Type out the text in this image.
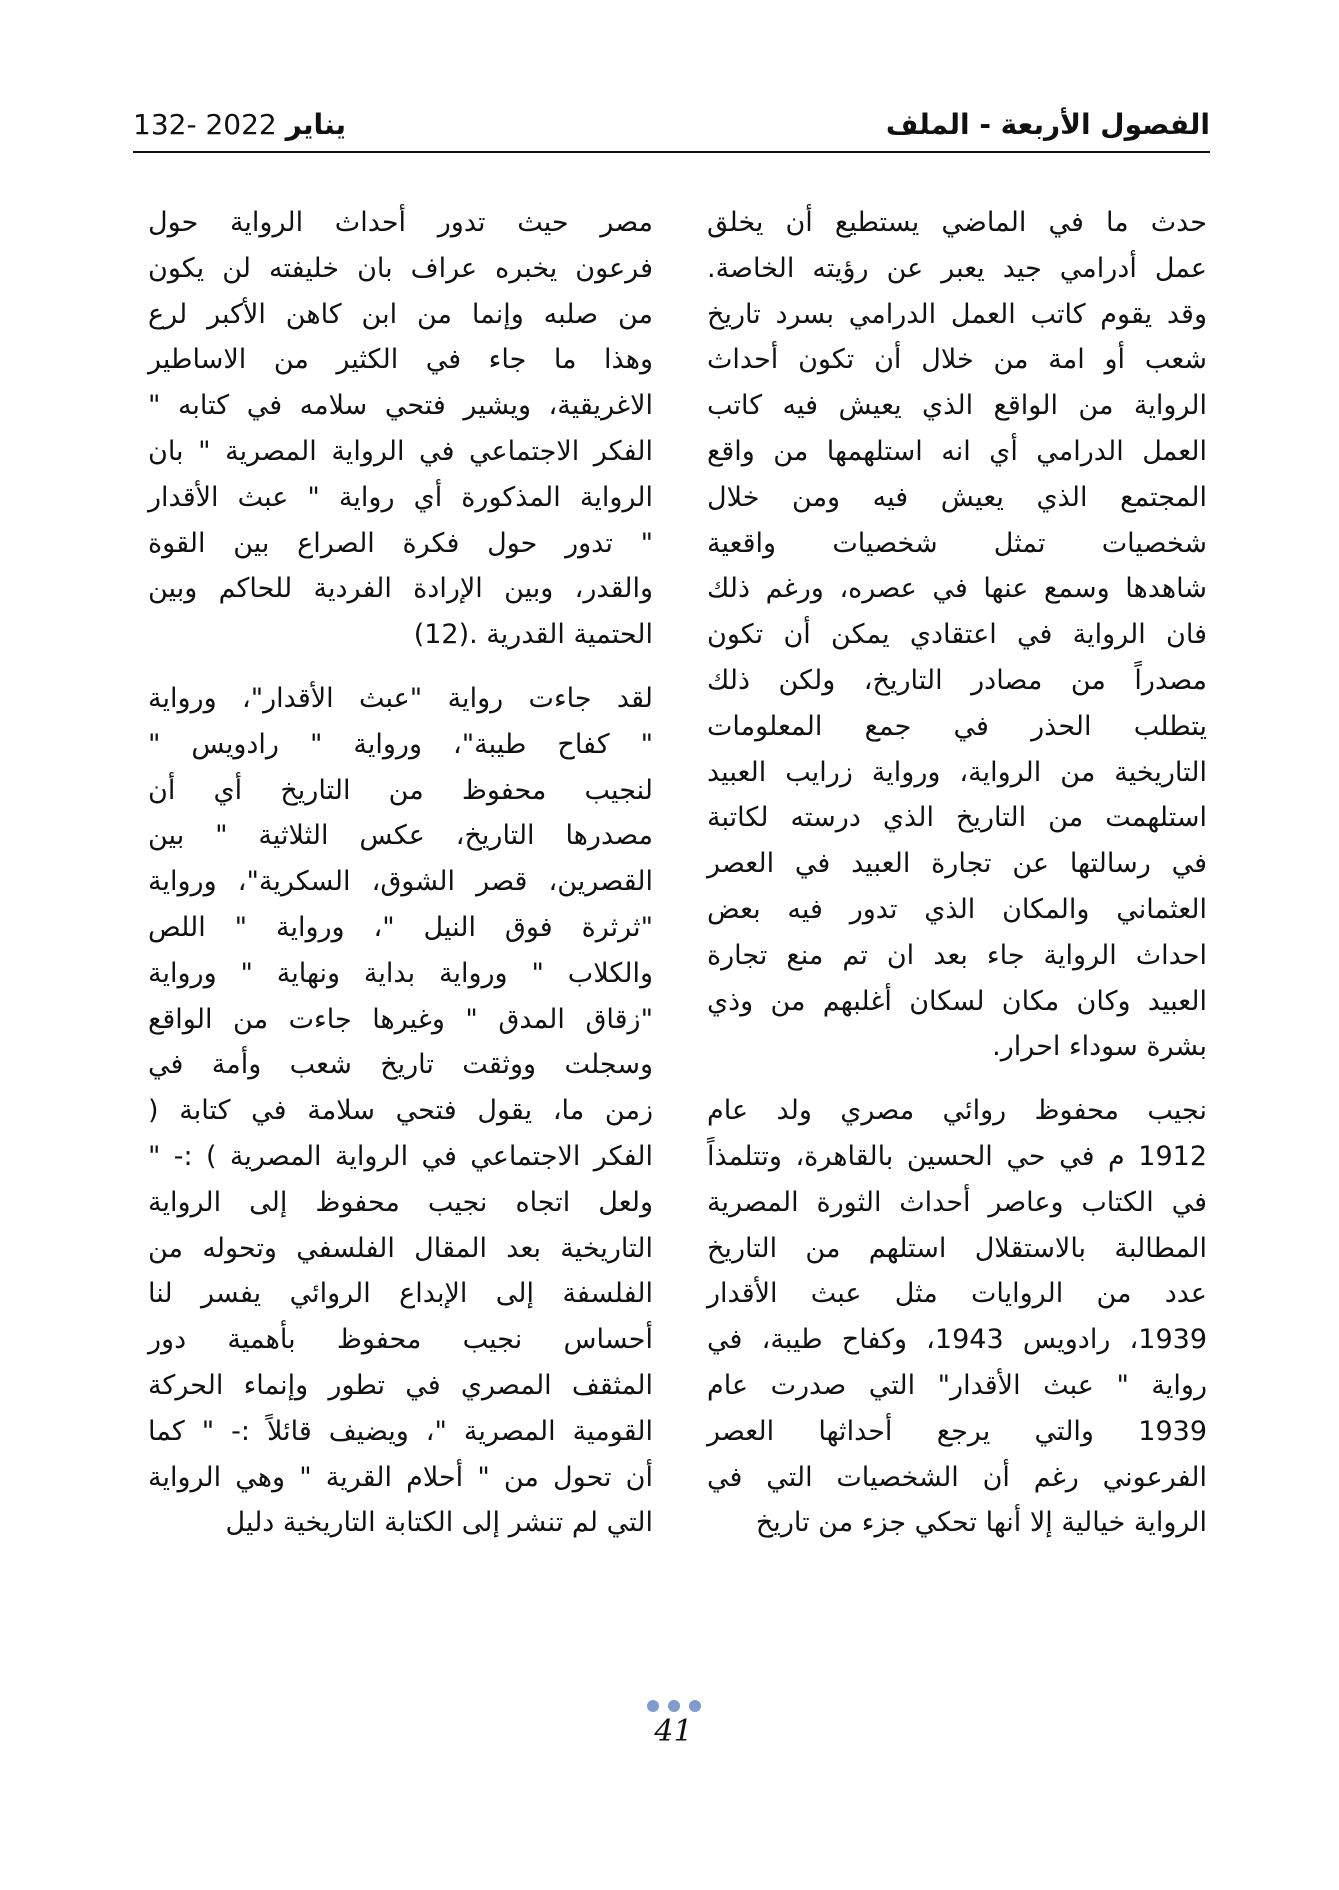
الفصول الأربعة - الملف
132-	يناير 2022
حدث ما في الماضي يستطيع أن يخلق
عمل أدرامي جيد يعبر عن رؤيته الخاصة.
وقد يقوم كاتب العمل الدرامي بسرد تاريخ
شعب أو امة من خلال أن تكون أحداث
الرواية من الواقع الذي يعيش فيه كاتب
العمل الدرامي أي انه استلهمها من واقع
المجتمع الذي يعيش فيه ومن خلال
شخصيات تمثل شخصيات واقعية
شاهدها وسمع عنها في عصره، ورغم ذلك
فان الرواية في اعتقادي يمكن أن تكون
مصدراً من مصادر التاريخ، ولكن ذلك
يتطلب الحذر في جمع المعلومات
التاريخية من الرواية، ورواية زرايب العبيد
استلهمت من التاريخ الذي درسته لكاتبة
في رسالتها عن تجارة العبيد في العصر
العثماني والمكان الذي تدور فيه بعض
احداث الرواية جاء بعد ان تم منع تجارة
العبيد وكان مكان لسكان أغلبهم من وذي
بشرة سوداء احرار.
نجيب محفوظ روائي مصري ولد عام
1912 م في حي الحسين بالقاهرة، وتتلمذاً
في الكتاب وعاصر أحداث الثورة المصرية
المطالبة بالاستقلال استلهم من التاريخ
عدد من الروايات مثل عبث الأقدار
1939، رادويس 1943، وكفاح طيبة، في
رواية " عبث الأقدار" التي صدرت عام
1939 والتي يرجع أحداثها العصر
الفرعوني رغم أن الشخصيات التي في
الرواية خيالية إلا أنها تحكي جزء من تاريخ
مصر حيث تدور أحداث الرواية حول
فرعون يخبره عراف بان خليفته لن يكون
من صلبه وإنما من ابن كاهن الأكبر لرع
وهذا ما جاء في الكثير من الاساطير
الاغريقية، ويشير فتحي سلامه في كتابه "
الفكر الاجتماعي في الرواية المصرية " بان
الرواية المذكورة أي رواية " عبث الأقدار
" تدور حول فكرة الصراع بين القوة
والقدر، وبين الإرادة الفردية للحاكم وبين
الحتمية القدرية .(12)
لقد جاءت رواية "عبث الأقدار"، ورواية
" كفاح طيبة"، ورواية " رادويس "
لنجيب محفوظ من التاريخ أي أن
مصدرها التاريخ، عكس الثلاثية " بين
القصرين، قصر الشوق، السكرية"، ورواية
"ثرثرة فوق النيل "، ورواية " اللص
والكلاب " ورواية بداية ونهاية " ورواية
"زقاق المدق " وغيرها جاءت من الواقع
وسجلت ووثقت تاريخ شعب وأمة في
زمن ما، يقول فتحي سلامة في كتابة (
الفكر الاجتماعي في الرواية المصرية ) :- "
ولعل اتجاه نجيب محفوظ إلى الرواية
التاريخية بعد المقال الفلسفي وتحوله من
الفلسفة إلى الإبداع الروائي يفسر لنا
أحساس نجيب محفوظ بأهمية دور
المثقف المصري في تطور وإنماء الحركة
القومية المصرية "، ويضيف قائلاً :- " كما
أن تحول من " أحلام القرية " وهي الرواية
التي لم تنشر إلى الكتابة التاريخية دليل
41
